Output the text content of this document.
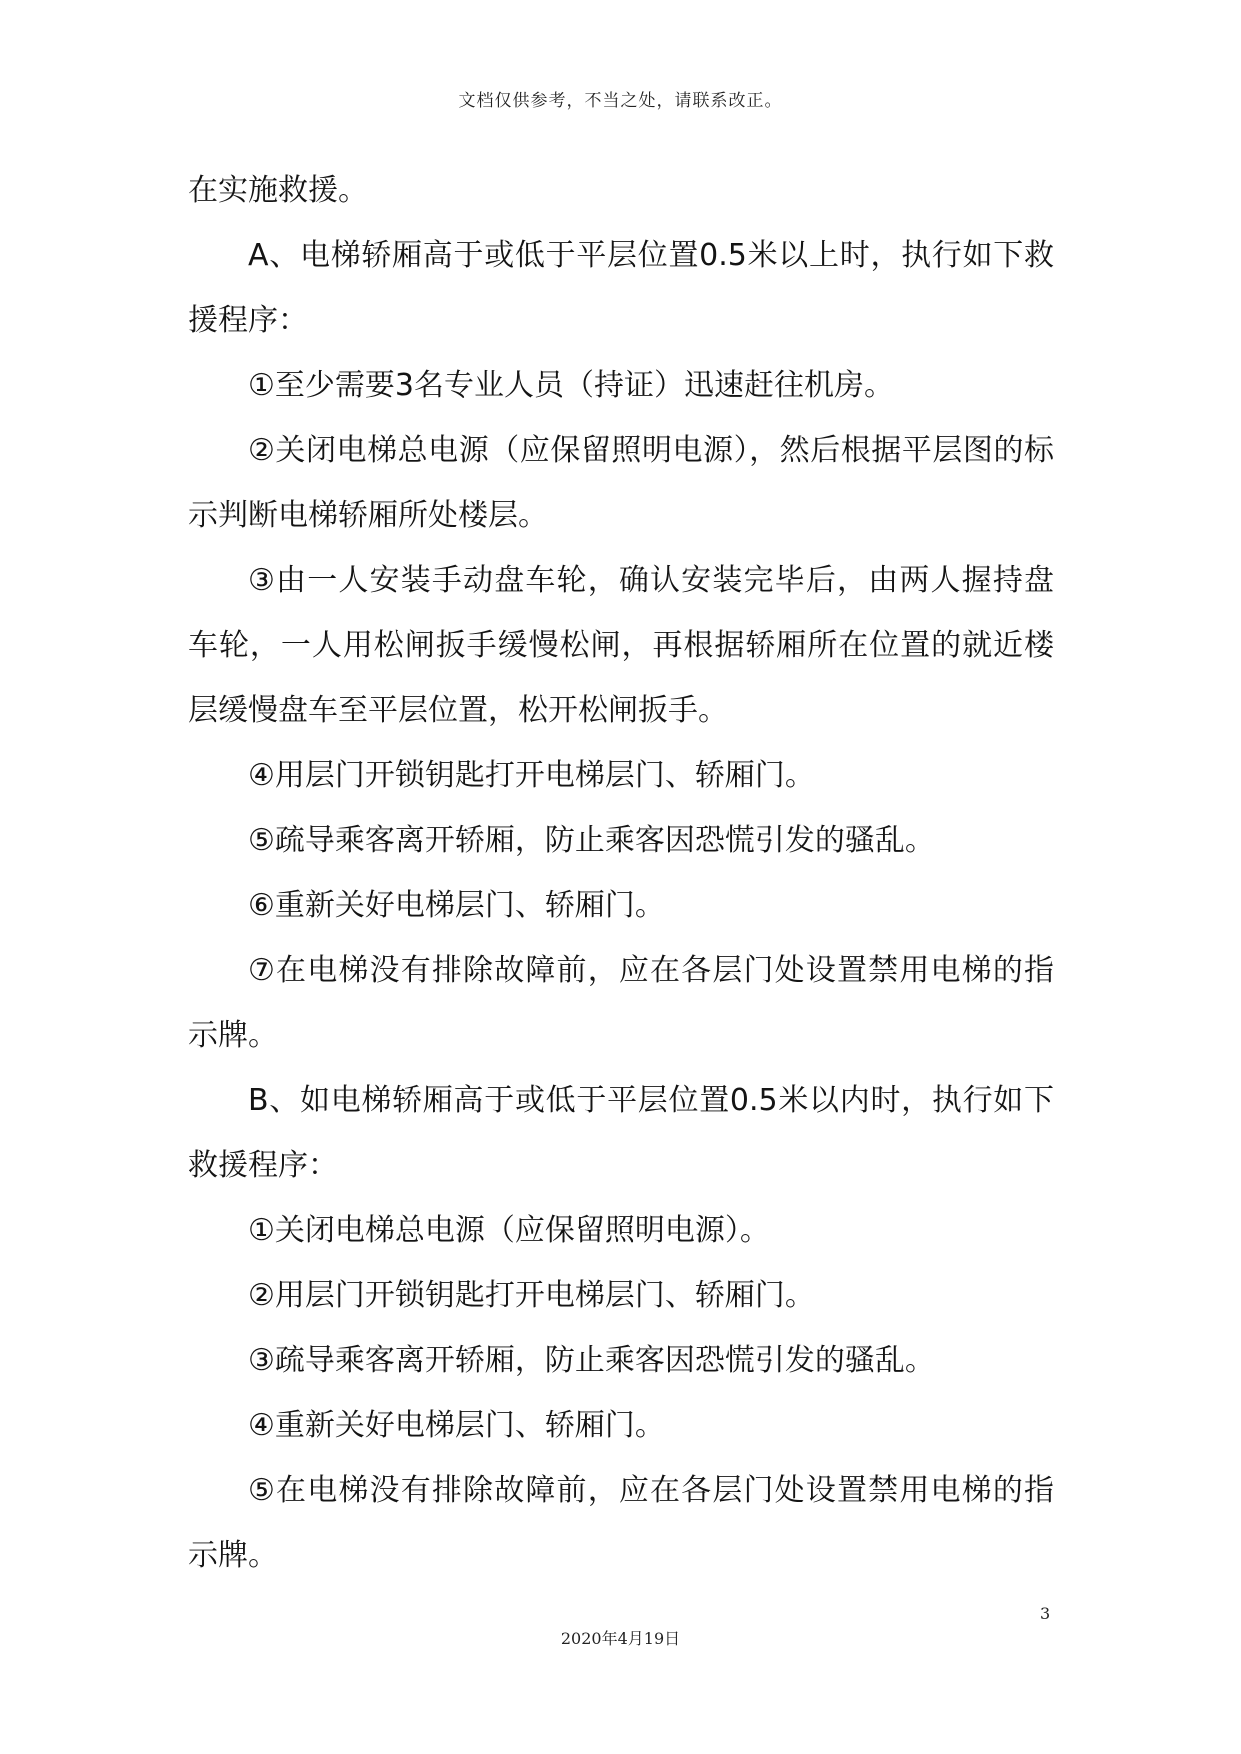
文档仅供参考，不当之处，请联系改正。

在实施救援。

A、电梯轿厢高于或低于平层位置0.5米以上时，执行如下救援程序：

①至少需要3名专业人员（持证）迅速赶往机房。

②关闭电梯总电源（应保留照明电源），然后根据平层图的标示判断电梯轿厢所处楼层。

③由一人安装手动盘车轮，确认安装完毕后，由两人握持盘车轮，一人用松闸扳手缓慢松闸，再根据轿厢所在位置的就近楼层缓慢盘车至平层位置，松开松闸扳手。

④用层门开锁钥匙打开电梯层门、轿厢门。

⑤疏导乘客离开轿厢，防止乘客因恐慌引发的骚乱。

⑥重新关好电梯层门、轿厢门。

⑦在电梯没有排除故障前，应在各层门处设置禁用电梯的指示牌。

B、如电梯轿厢高于或低于平层位置0.5米以内时，执行如下救援程序：

①关闭电梯总电源（应保留照明电源）。

②用层门开锁钥匙打开电梯层门、轿厢门。

③疏导乘客离开轿厢，防止乘客因恐慌引发的骚乱。

④重新关好电梯层门、轿厢门。

⑤在电梯没有排除故障前，应在各层门处设置禁用电梯的指示牌。

3
2020年4月19日
